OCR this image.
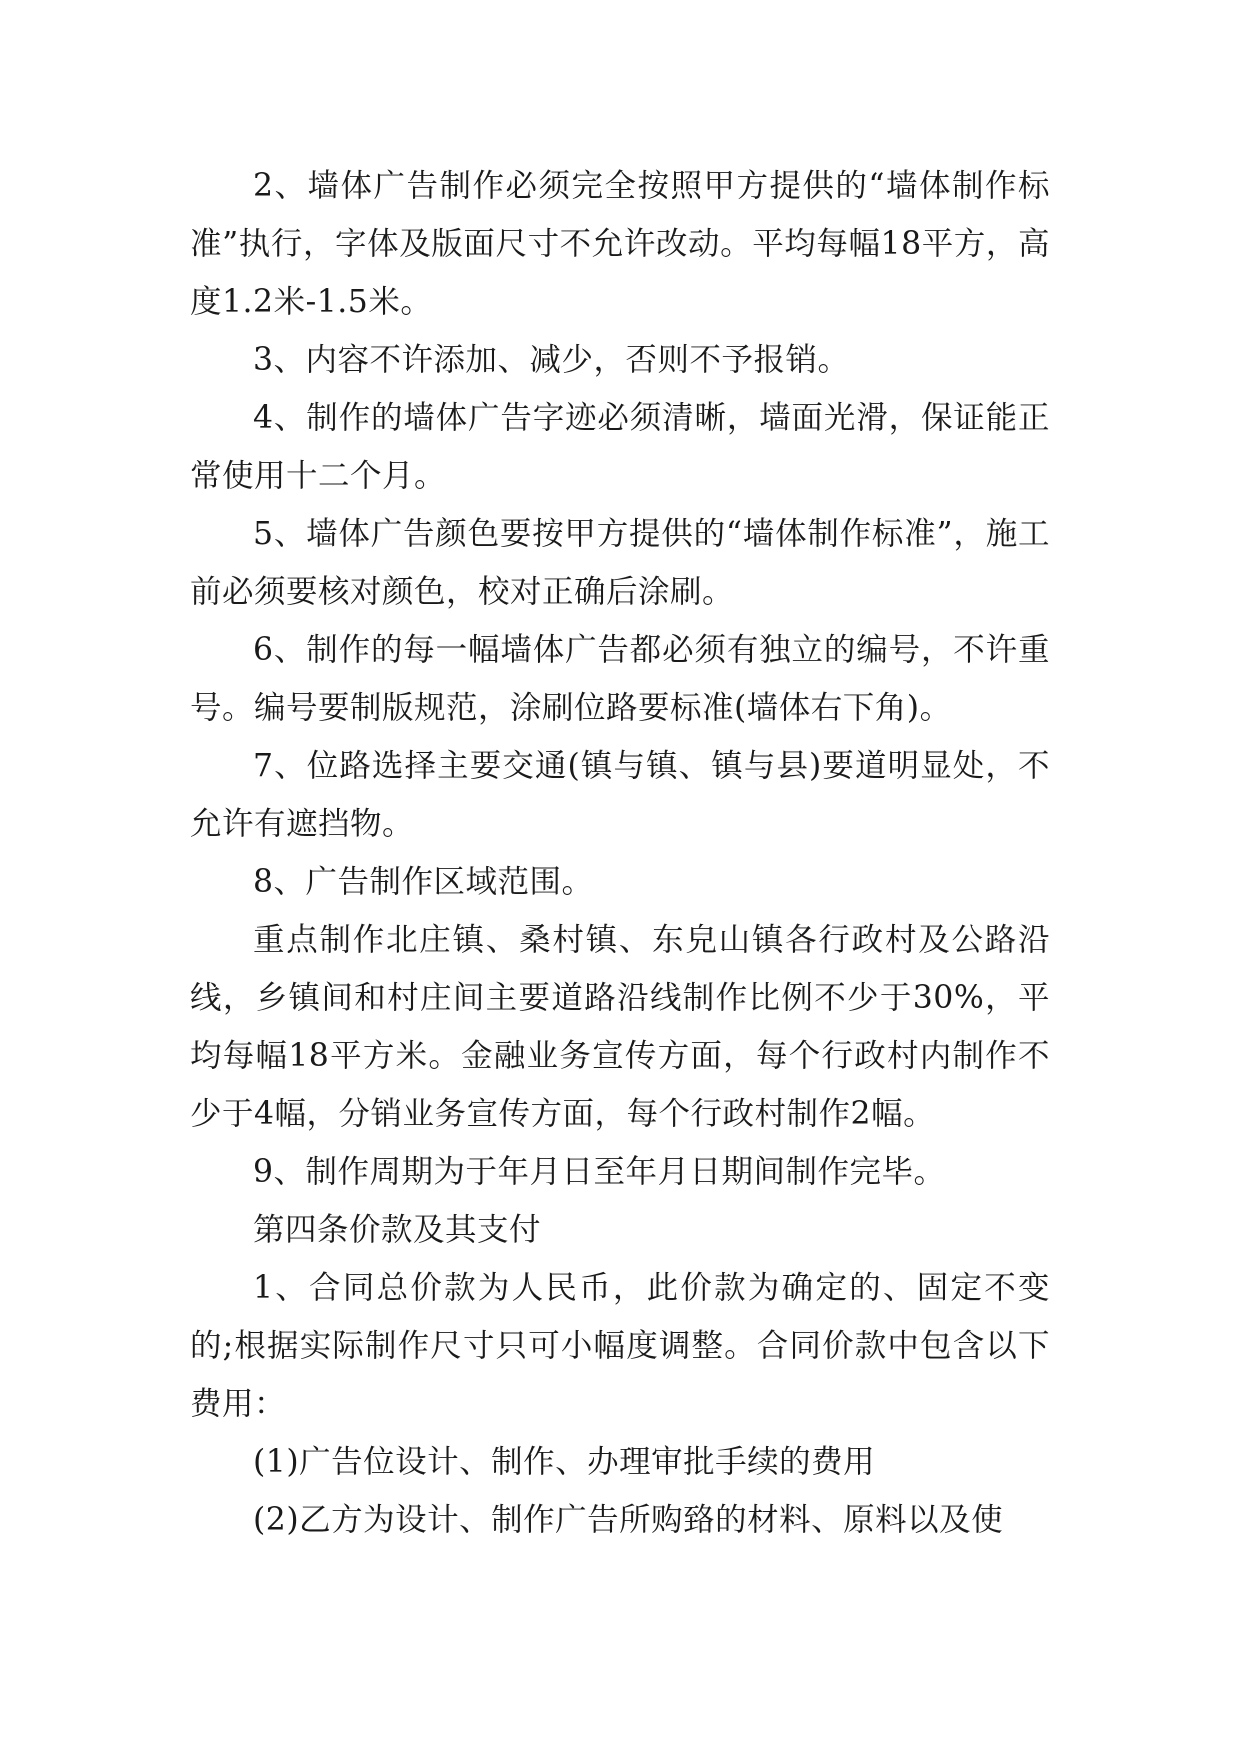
2、墙体广告制作必须完全按照甲方提供的“墙体制作标准”执行，字体及版面尺寸不允许改动。平均每幅18平方，高度1.2米-1.5米。

3、内容不许添加、减少，否则不予报销。

4、制作的墙体广告字迹必须清晰，墙面光滑，保证能正常使用十二个月。

5、墙体广告颜色要按甲方提供的“墙体制作标准”，施工前必须要核对颜色，校对正确后涂刷。

6、制作的每一幅墙体广告都必须有独立的编号，不许重号。编号要制版规范，涂刷位路要标准(墙体右下角)。

7、位路选择主要交通(镇与镇、镇与县)要道明显处，不允许有遮挡物。

8、广告制作区域范围。

重点制作北庄镇、桑村镇、东皃山镇各行政村及公路沿线，乡镇间和村庄间主要道路沿线制作比例不少于30%，平均每幅18平方米。金融业务宣传方面，每个行政村内制作不少于4幅，分销业务宣传方面，每个行政村制作2幅。

9、制作周期为于年月日至年月日期间制作完毕。

第四条价款及其支付

1、合同总价款为人民币，此价款为确定的、固定不变的;根据实际制作尺寸只可小幅度调整。合同价款中包含以下费用：

(1)广告位设计、制作、办理审批手续的费用

(2)乙方为设计、制作广告所购臵的材料、原料以及使
